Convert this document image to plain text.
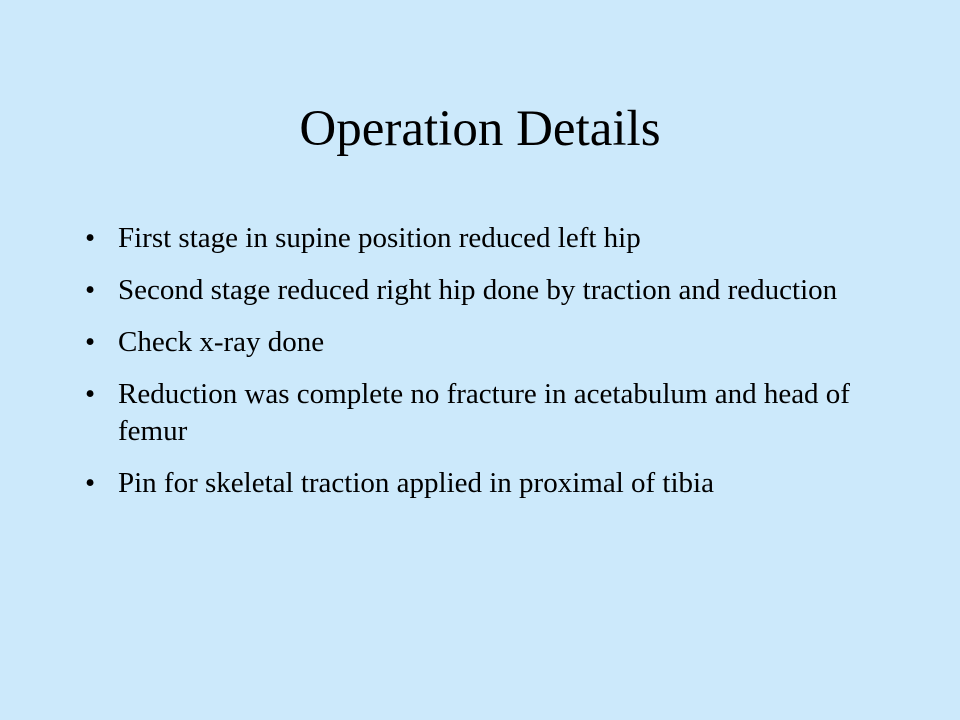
Operation Details
• First stage in supine position reduced left hip
• Second stage reduced right hip done by traction and reduction
• Check x-ray done
• Reduction was complete no fracture in acetabulum and head of femur
• Pin for skeletal traction applied in proximal of tibia
